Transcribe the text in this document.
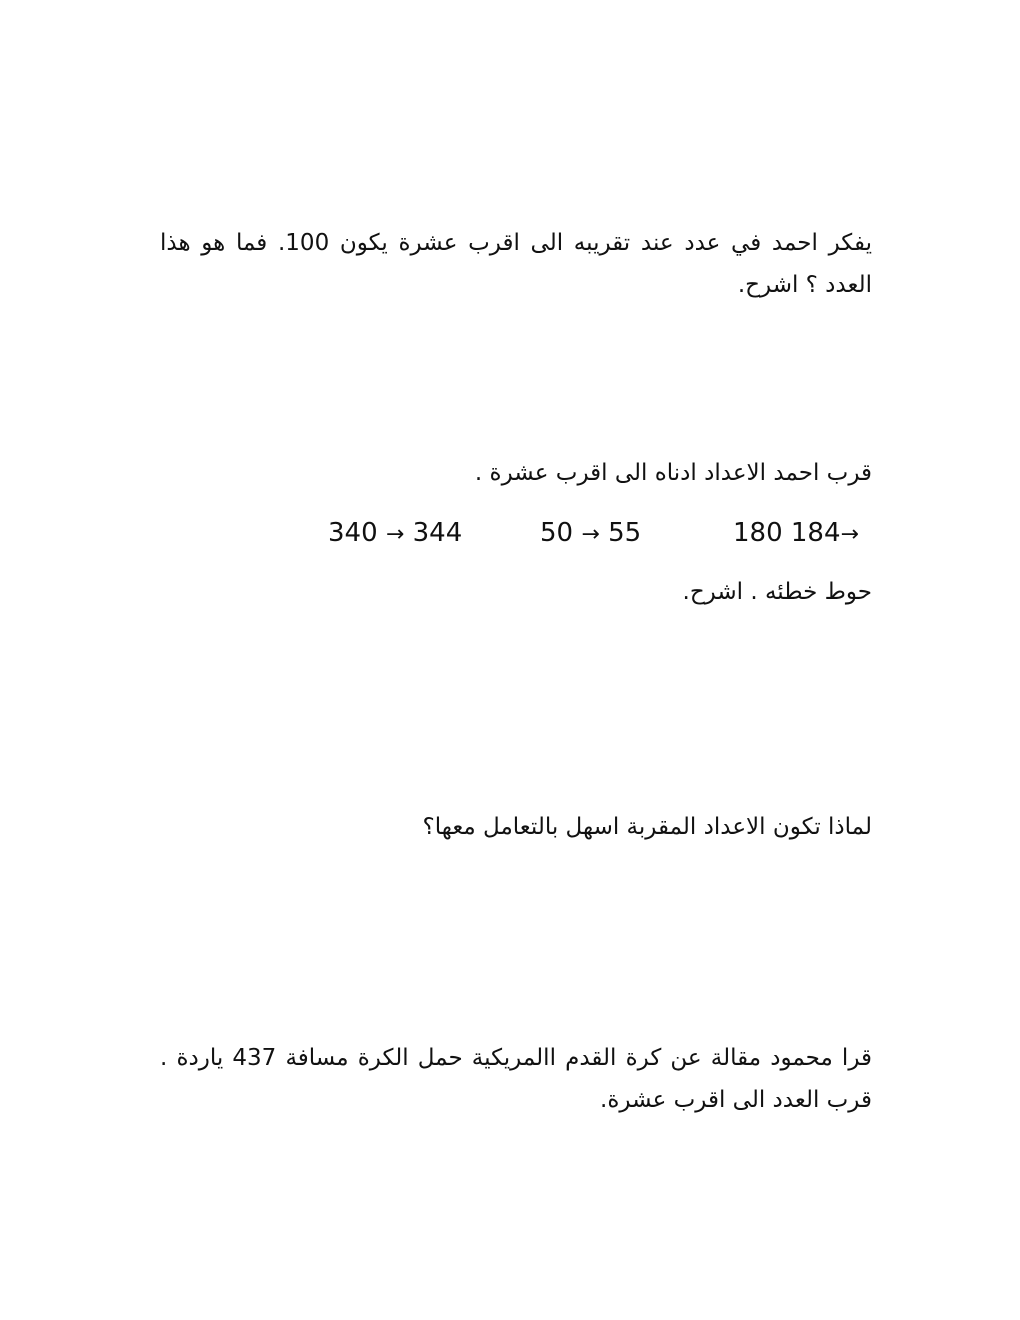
يفكر احمد في عدد عند تقريبه الى اقرب عشرة يكون 100. فما هو هذا العدد ؟ اشرح.

قرب احمد الاعداد ادناه الى اقرب عشرة .
340 → 344	50 → 55	180 184→
حوط خطئه . اشرح.
لماذا تكون الاعداد المقربة اسهل بالتعامل معها؟

قرا محمود مقالة عن كرة القدم االمريكية حمل الكرة مسافة 437 ياردة . قرب العدد الى اقرب عشرة.
